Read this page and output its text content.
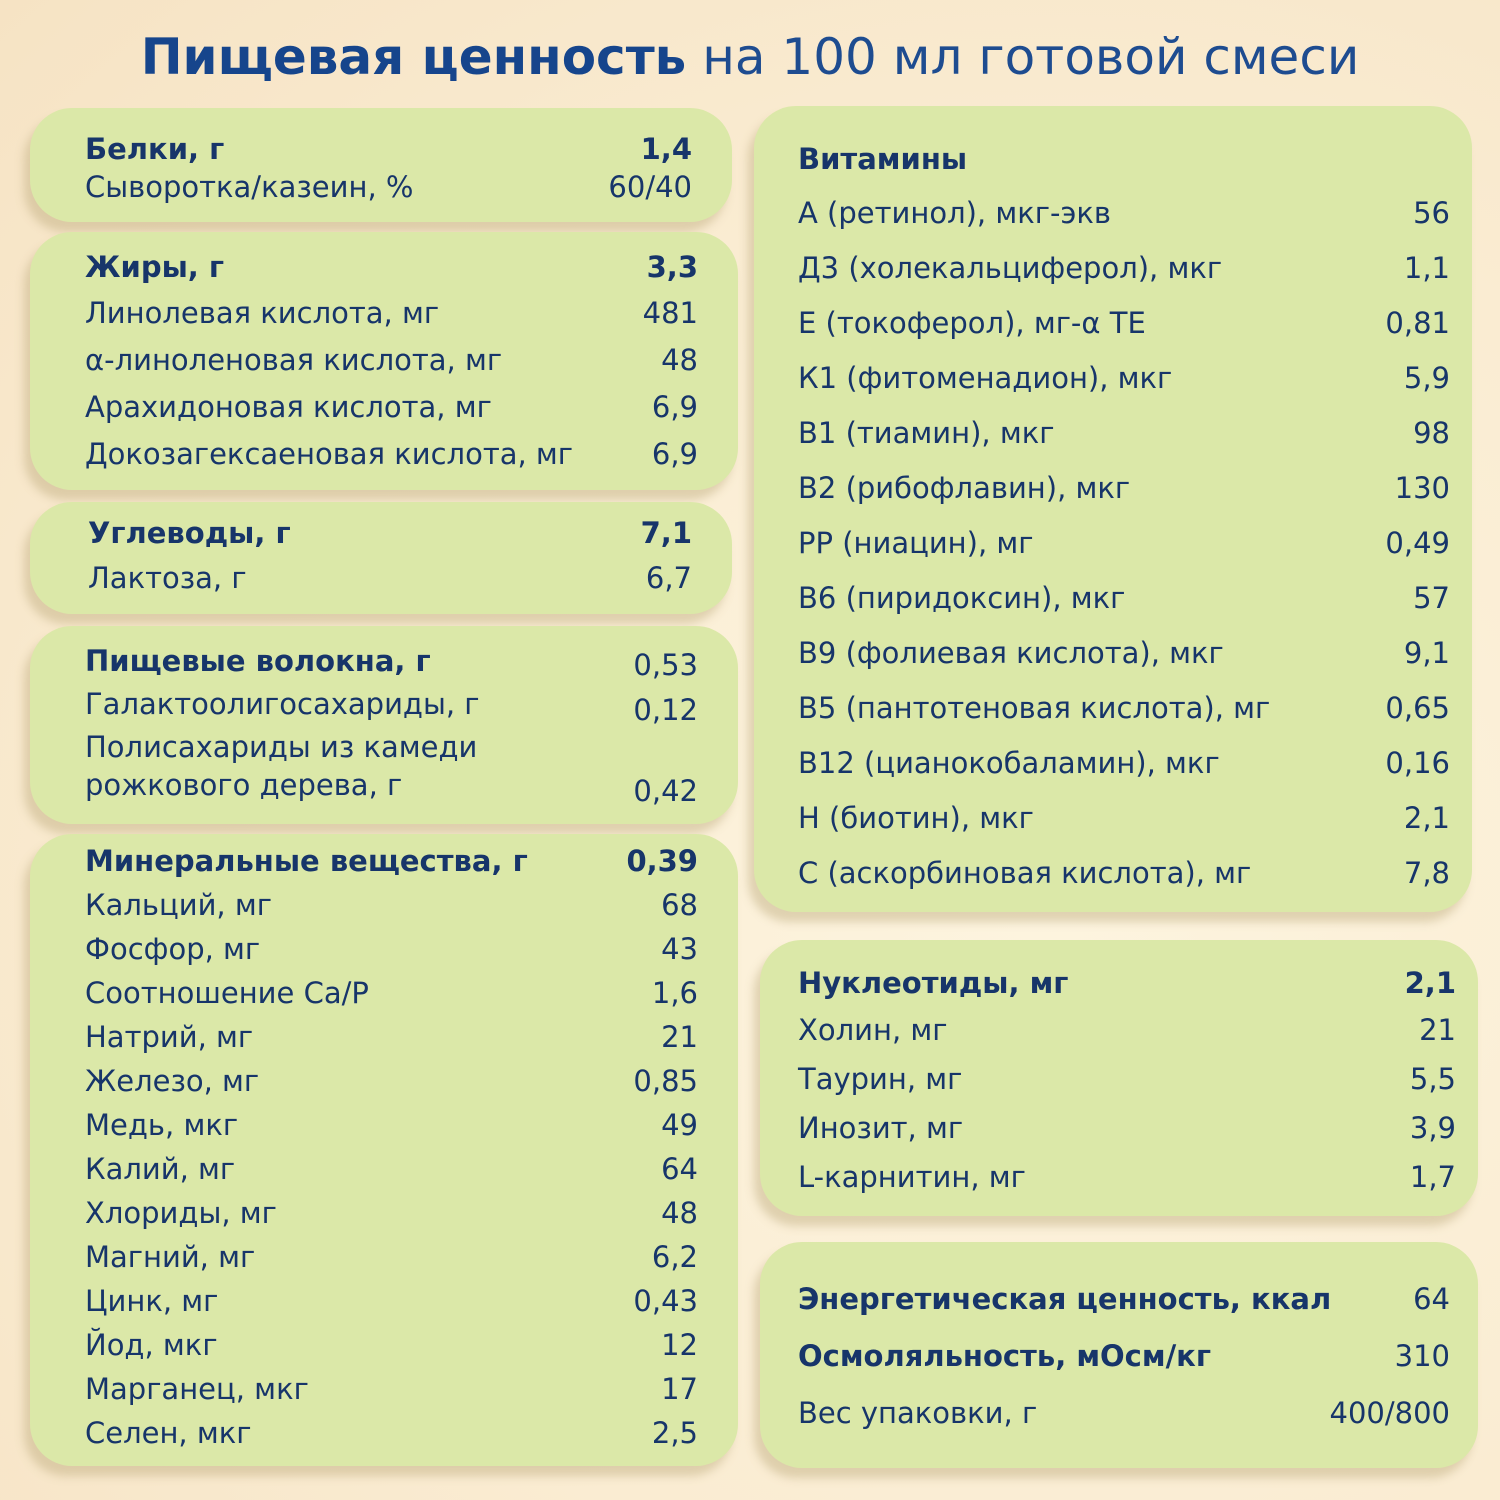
Пищевая ценность на 100 мл готовой смеси
Белки, г	1,4
Сыворотка/казеин, %	60/40
Жиры, г	3,3
Линолевая кислота, мг	481
α-линоленовая кислота, мг	48
Арахидоновая кислота, мг	6,9
Докозагексаеновая кислота, мг	6,9
Углеводы, г	7,1
Лактоза, г	6,7
Пищевые волокна, г	0,53
Галактоолигосахариды, г	0,12
Полисахариды из камеди
рожкового дерева, г	0,42
Минеральные вещества, г	0,39
Кальций, мг	68
Фосфор, мг	43
Соотношение Ca/P	1,6
Натрий, мг	21
Железо, мг	0,85
Медь, мкг	49
Калий, мг	64
Хлориды, мг	48
Магний, мг	6,2
Цинк, мг	0,43
Йод, мкг	12
Марганец, мкг	17
Селен, мкг	2,5
Витамины
А (ретинол), мкг-экв	56
Д3 (холекальциферол), мкг	1,1
Е (токоферол), мг-α ТЕ	0,81
К1 (фитоменадион), мкг	5,9
В1 (тиамин), мкг	98
В2 (рибофлавин), мкг	130
РР (ниацин), мг	0,49
В6 (пиридоксин), мкг	57
В9 (фолиевая кислота), мкг	9,1
В5 (пантотеновая кислота), мг	0,65
В12 (цианокобаламин), мкг	0,16
Н (биотин), мкг	2,1
С (аскорбиновая кислота), мг	7,8
Нуклеотиды, мг	2,1
Холин, мг	21
Таурин, мг	5,5
Инозит, мг	3,9
L-карнитин, мг	1,7
Энергетическая ценность, ккал	64
Осмоляльность, мОсм/кг	310
Вес упаковки, г	400/800
